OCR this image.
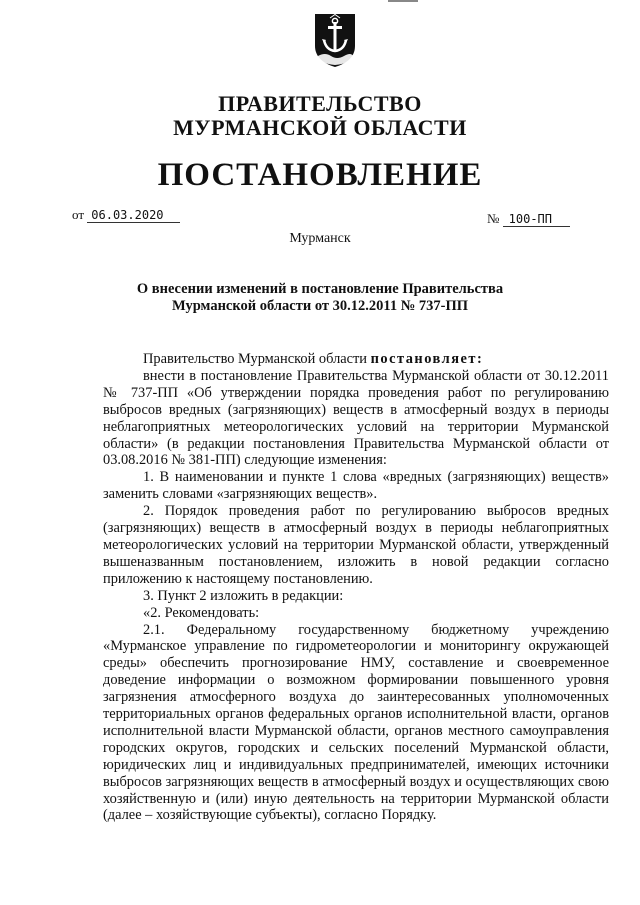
ПРАВИТЕЛЬСТВО
МУРМАНСКОЙ ОБЛАСТИ
ПОСТАНОВЛЕНИЕ
от 06.03.2020	№ 100-ПП
Мурманск
О внесении изменений в постановление Правительства
Мурманской области от 30.12.2011 № 737-ПП

Правительство Мурманской области постановляет:

внести в постановление Правительства Мурманской области от 30.12.2011 № 737-ПП «Об утверждении порядка проведения работ по регулированию выбросов вредных (загрязняющих) веществ в атмосферный воздух в периоды неблагоприятных метеорологических условий на территории Мурманской области» (в редакции постановления Правительства Мурманской области от 03.08.2016 № 381-ПП) следующие изменения:

1. В наименовании и пункте 1 слова «вредных (загрязняющих) веществ» заменить словами «загрязняющих веществ».

2. Порядок проведения работ по регулированию выбросов вредных (загрязняющих) веществ в атмосферный воздух в периоды неблагоприятных метеорологических условий на территории Мурманской области, утвержденный вышеназванным постановлением, изложить в новой редакции согласно приложению к настоящему постановлению.

3. Пункт 2 изложить в редакции:

«2. Рекомендовать:

2.1. Федеральному государственному бюджетному учреждению «Мурманское управление по гидрометеорологии и мониторингу окружающей среды» обеспечить прогнозирование НМУ, составление и своевременное доведение информации о возможном формировании повышенного уровня загрязнения атмосферного воздуха до заинтересованных уполномоченных территориальных органов федеральных органов исполнительной власти, органов исполнительной власти Мурманской области, органов местного самоуправления городских округов, городских и сельских поселений Мурманской области, юридических лиц и индивидуальных предпринимателей, имеющих источники выбросов загрязняющих веществ в атмосферный воздух и осуществляющих свою хозяйственную и (или) иную деятельность на территории Мурманской области (далее – хозяйствующие субъекты), согласно Порядку.
